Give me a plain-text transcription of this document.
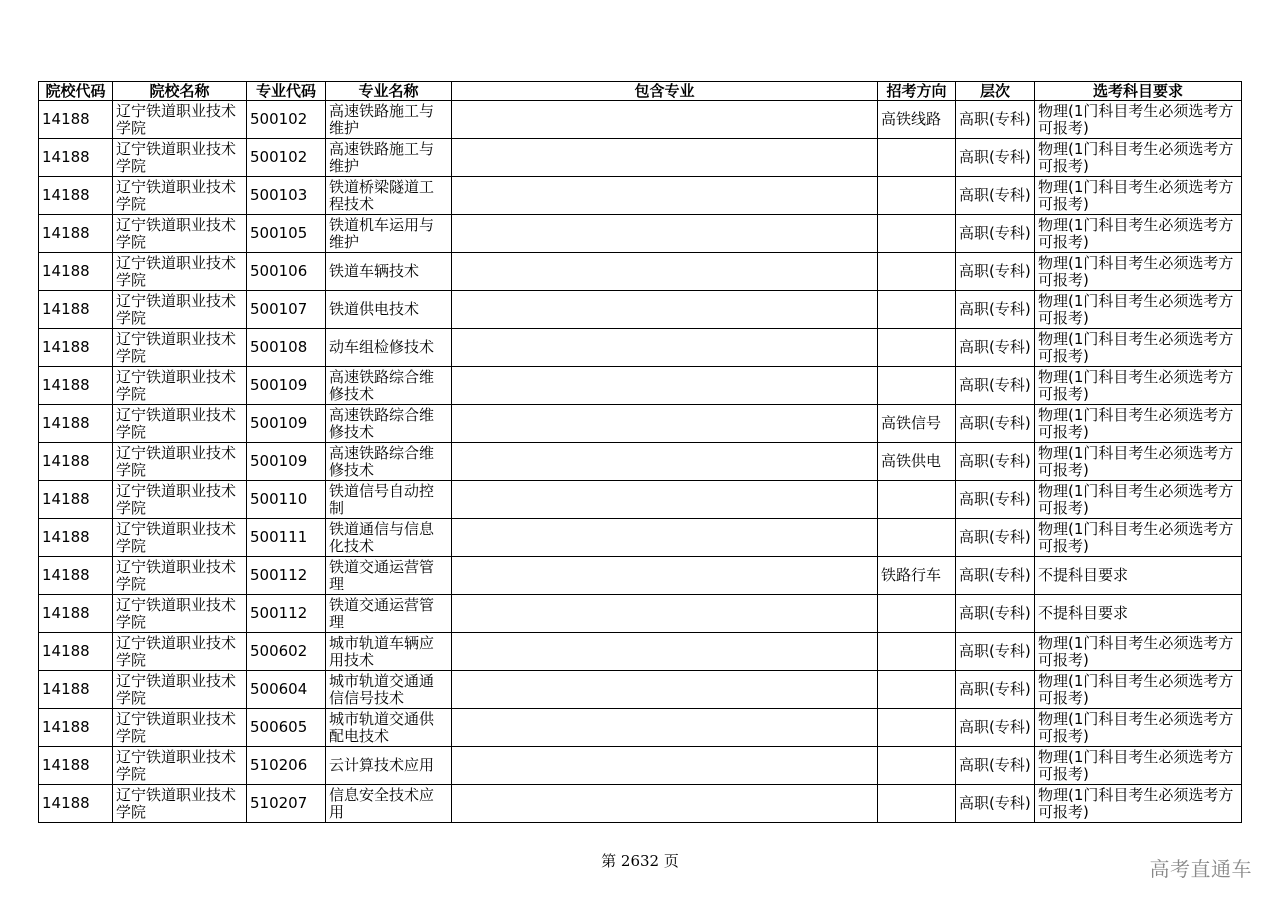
院校代码	院校名称	专业代码	专业名称	包含专业	招考方向	层次	选考科目要求
14188	辽宁铁道职业技术学院	500102	高速铁路施工与维护		高铁线路	高职(专科)	物理(1门科目考生必须选考方可报考)
14188	辽宁铁道职业技术学院	500102	高速铁路施工与维护			高职(专科)	物理(1门科目考生必须选考方可报考)
14188	辽宁铁道职业技术学院	500103	铁道桥梁隧道工程技术			高职(专科)	物理(1门科目考生必须选考方可报考)
14188	辽宁铁道职业技术学院	500105	铁道机车运用与维护			高职(专科)	物理(1门科目考生必须选考方可报考)
14188	辽宁铁道职业技术学院	500106	铁道车辆技术			高职(专科)	物理(1门科目考生必须选考方可报考)
14188	辽宁铁道职业技术学院	500107	铁道供电技术			高职(专科)	物理(1门科目考生必须选考方可报考)
14188	辽宁铁道职业技术学院	500108	动车组检修技术			高职(专科)	物理(1门科目考生必须选考方可报考)
14188	辽宁铁道职业技术学院	500109	高速铁路综合维修技术			高职(专科)	物理(1门科目考生必须选考方可报考)
14188	辽宁铁道职业技术学院	500109	高速铁路综合维修技术		高铁信号	高职(专科)	物理(1门科目考生必须选考方可报考)
14188	辽宁铁道职业技术学院	500109	高速铁路综合维修技术		高铁供电	高职(专科)	物理(1门科目考生必须选考方可报考)
14188	辽宁铁道职业技术学院	500110	铁道信号自动控制			高职(专科)	物理(1门科目考生必须选考方可报考)
14188	辽宁铁道职业技术学院	500111	铁道通信与信息化技术			高职(专科)	物理(1门科目考生必须选考方可报考)
14188	辽宁铁道职业技术学院	500112	铁道交通运营管理		铁路行车	高职(专科)	不提科目要求
14188	辽宁铁道职业技术学院	500112	铁道交通运营管理			高职(专科)	不提科目要求
14188	辽宁铁道职业技术学院	500602	城市轨道车辆应用技术			高职(专科)	物理(1门科目考生必须选考方可报考)
14188	辽宁铁道职业技术学院	500604	城市轨道交通通信信号技术			高职(专科)	物理(1门科目考生必须选考方可报考)
14188	辽宁铁道职业技术学院	500605	城市轨道交通供配电技术			高职(专科)	物理(1门科目考生必须选考方可报考)
14188	辽宁铁道职业技术学院	510206	云计算技术应用			高职(专科)	物理(1门科目考生必须选考方可报考)
14188	辽宁铁道职业技术学院	510207	信息安全技术应用			高职(专科)	物理(1门科目考生必须选考方可报考)
第 2632 页	高考直通车
